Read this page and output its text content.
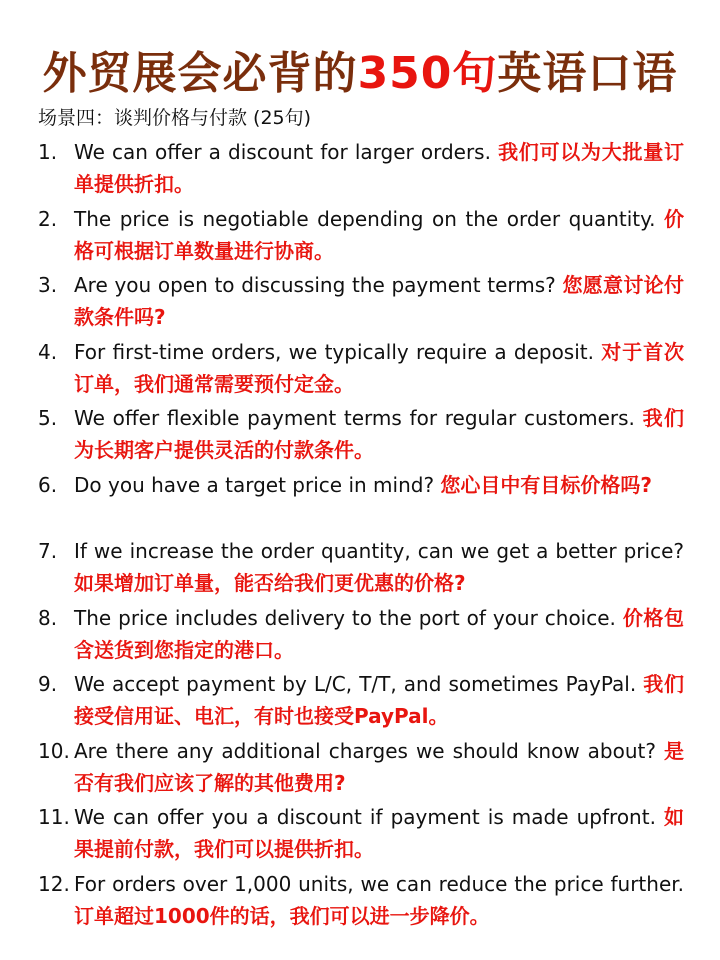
外贸展会必背的350句英语口语
场景四：谈判价格与付款 (25句)
1. We can offer a discount for larger orders. 我们可以为大批量订单提供折扣。
2. The price is negotiable depending on the order quantity. 价格可根据订单数量进行协商。
3. Are you open to discussing the payment terms? 您愿意讨论付款条件吗?
4. For first-time orders, we typically require a deposit. 对于首次订单，我们通常需要预付定金。
5. We offer flexible payment terms for regular customers. 我们为长期客户提供灵活的付款条件。
6. Do you have a target price in mind? 您心目中有目标价格吗?
7. If we increase the order quantity, can we get a better price? 如果增加订单量，能否给我们更优惠的价格?
8. The price includes delivery to the port of your choice. 价格包含送货到您指定的港口。
9. We accept payment by L/C, T/T, and sometimes PayPal. 我们接受信用证、电汇，有时也接受PayPal。
10. Are there any additional charges we should know about? 是否有我们应该了解的其他费用?
11. We can offer you a discount if payment is made upfront. 如果提前付款，我们可以提供折扣。
12. For orders over 1,000 units, we can reduce the price further. 订单超过1000件的话，我们可以进一步降价。
